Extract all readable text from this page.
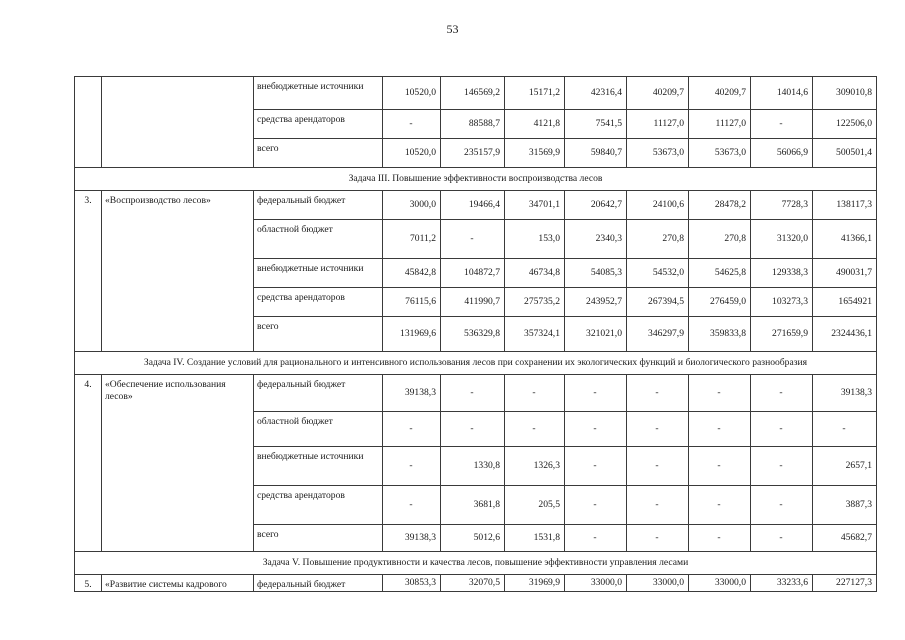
53
		внебюджетные источники	10520,0	146569,2	15171,2	42316,4	40209,7	40209,7	14014,6	309010,8
		средства арендаторов	-	88588,7	4121,8	7541,5	11127,0	11127,0	-	122506,0
		всего	10520,0	235157,9	31569,9	59840,7	53673,0	53673,0	56066,9	500501,4
Задача III. Повышение эффективности воспроизводства лесов										
3.	«Воспроизводство лесов»	федеральный бюджет	3000,0	19466,4	34701,1	20642,7	24100,6	28478,2	7728,3	138117,3
		областной бюджет	7011,2	-	153,0	2340,3	270,8	270,8	31320,0	41366,1
		внебюджетные источники	45842,8	104872,7	46734,8	54085,3	54532,0	54625,8	129338,3	490031,7
		средства арендаторов	76115,6	411990,7	275735,2	243952,7	267394,5	276459,0	103273,3	1654921
		всего	131969,6	536329,8	357324,1	321021,0	346297,9	359833,8	271659,9	2324436,1
Задача IV. Создание условий для рационального и интенсивного использования лесов при сохранении их экологических функций и биологического разнообразия										
4.	«Обеспечение использования лесов»	федеральный бюджет	39138,3	-	-	-	-	-	-	39138,3
		областной бюджет	-	-	-	-	-	-	-	-
		внебюджетные источники	-	1330,8	1326,3	-	-	-	-	2657,1
		средства арендаторов	-	3681,8	205,5	-	-	-	-	3887,3
		всего	39138,3	5012,6	1531,8	-	-	-	-	45682,7
Задача V. Повышение продуктивности и качества лесов, повышение эффективности управления лесами										
5.	«Развитие системы кадрового	федеральный бюджет	30853,3	32070,5	31969,9	33000,0	33000,0	33000,0	33233,6	227127,3
